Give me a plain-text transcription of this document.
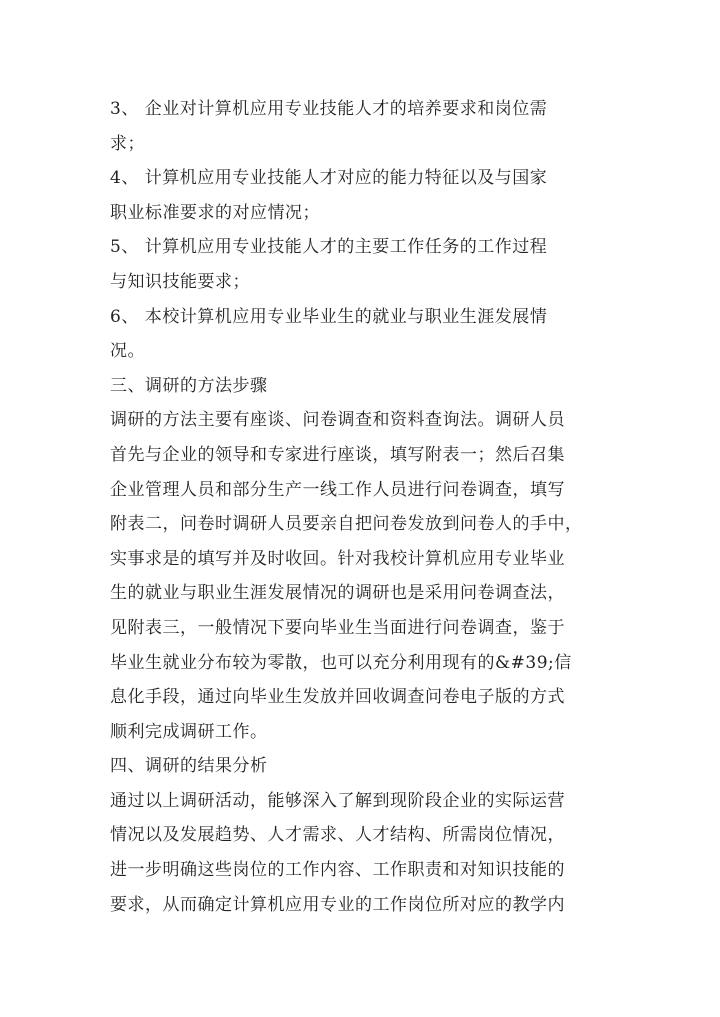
3、 企业对计算机应用专业技能人才的培养要求和岗位需
求；
4、 计算机应用专业技能人才对应的能力特征以及与国家
职业标准要求的对应情况；
5、 计算机应用专业技能人才的主要工作任务的工作过程
与知识技能要求；
6、 本校计算机应用专业毕业生的就业与职业生涯发展情
况。
三、调研的方法步骤
调研的方法主要有座谈、问卷调查和资料查询法。调研人员
首先与企业的领导和专家进行座谈，填写附表一；然后召集
企业管理人员和部分生产一线工作人员进行问卷调查，填写
附表二，问卷时调研人员要亲自把问卷发放到问卷人的手中，
实事求是的填写并及时收回。针对我校计算机应用专业毕业
生的就业与职业生涯发展情况的调研也是采用问卷调查法，
见附表三，一般情况下要向毕业生当面进行问卷调查，鉴于
毕业生就业分布较为零散，也可以充分利用现有的&#39;信
息化手段，通过向毕业生发放并回收调查问卷电子版的方式
顺利完成调研工作。
四、调研的结果分析
通过以上调研活动，能够深入了解到现阶段企业的实际运营
情况以及发展趋势、人才需求、人才结构、所需岗位情况，
进一步明确这些岗位的工作内容、工作职责和对知识技能的
要求，从而确定计算机应用专业的工作岗位所对应的教学内
